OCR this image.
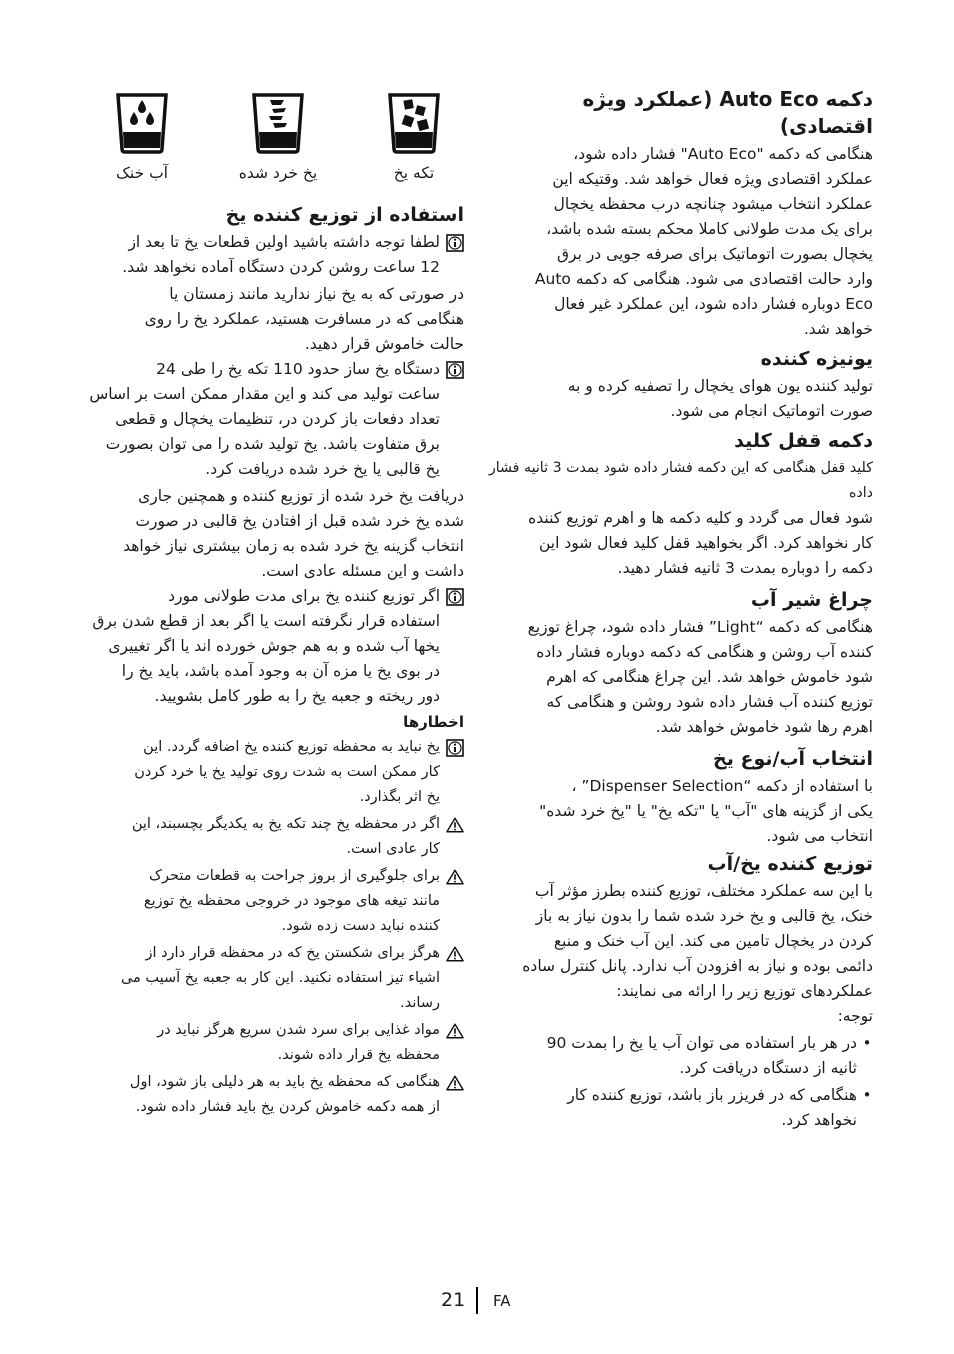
دکمه Auto Eco (عملکرد ویژه
اقتصادی)

هنگامی که دکمه "Auto Eco" فشار داده شود،

عملکرد اقتصادی ویژه فعال خواهد شد. وقتیکه این

عملکرد انتخاب میشود چنانچه درب محفظه یخچال

برای یک مدت طولانی کاملا محکم بسته شده باشد،

یخچال بصورت اتوماتیک برای صرفه جویی در برق

وارد حالت اقتصادی می شود. هنگامی که دکمه Auto

Eco دوباره فشار داده شود، این عملکرد غیر فعال

خواهد شد.

یونیزه کننده

تولید کننده یون هوای یخچال را تصفیه کرده و به

صورت اتوماتیک انجام می شود.

دکمه قفل کلید

کلید قفل هنگامی که این دکمه فشار داده شود بمدت 3 ثانیه فشار داده

شود فعال می گردد و کلیه دکمه ها و اهرم توزیع کننده

کار نخواهد کرد. اگر بخواهید قفل کلید فعال شود این

دکمه را دوباره بمدت 3 ثانیه فشار دهید.

چراغ شیر آب

هنگامی که دکمه “Light” فشار داده شود، چراغ توزیع

کننده آب روشن و هنگامی که دکمه دوباره فشار داده

شود خاموش خواهد شد. این چراغ هنگامی که اهرم

توزیع کننده آب فشار داده شود روشن و هنگامی که

اهرم رها شود خاموش خواهد شد.

انتخاب آب/نوع یخ

با استفاده از دکمه “Dispenser Selection” ،

یکی از گزینه های "آب" یا "تکه یخ" یا "یخ خرد شده"

انتخاب می شود.

توزیع کننده یخ/آب

با این سه عملکرد مختلف، توزیع کننده بطرز مؤثر آب

خنک، یخ قالبی و یخ خرد شده شما را بدون نیاز به باز

کردن در یخچال تامین می کند. این آب خنک و منبع

دائمی بوده و نیاز به افزودن آب ندارد. پانل کنترل ساده

عملکردهای توزیع زیر را ارائه می نمایند:

توجه:

•

در هر بار استفاده می توان آب یا یخ را بمدت 90

ثانیه از دستگاه دریافت کرد.

•

هنگامی که در فریزر باز باشد، توزیع کننده کار

نخواهد کرد.

تکه یخ
یخ خرد شده
آب خنک
استفاده از توزیع کننده یخ

لطفا توجه داشته باشید اولین قطعات یخ تا بعد از

12 ساعت روشن کردن دستگاه آماده نخواهد شد.

در صورتی که به یخ نیاز ندارید مانند زمستان یا

هنگامی که در مسافرت هستید، عملکرد یخ را روی

حالت خاموش قرار دهید.

دستگاه یخ ساز حدود 110 تکه یخ را طی 24

ساعت تولید می کند و این مقدار ممکن است بر اساس

تعداد دفعات باز کردن در، تنظیمات یخچال و قطعی

برق متفاوت باشد. یخ تولید شده را می توان بصورت

یخ قالبی یا یخ خرد شده دریافت کرد.

دریافت یخ خرد شده از توزیع کننده و همچنین جاری

شده یخ خرد شده قبل از افتادن یخ قالبی در صورت

انتخاب گزینه یخ خرد شده به زمان بیشتری نیاز خواهد

داشت و این مسئله عادی است.

اگر توزیع کننده یخ برای مدت طولانی مورد

استفاده قرار نگرفته است یا اگر بعد از قطع شدن برق

یخها آب شده و به هم جوش خورده اند یا اگر تغییری

در بوی یخ یا مزه آن به وجود آمده باشد، باید یخ را

دور ریخته و جعبه یخ را به طور کامل بشویید.

اخطارها

یخ نباید به محفظه توزیع کننده یخ اضافه گردد. این

کار ممکن است به شدت روی تولید یخ یا خرد کردن

یخ اثر بگذارد.

اگر در محفظه یخ چند تکه یخ به یکدیگر بچسبند، این

کار عادی است.

برای جلوگیری از بروز جراحت به قطعات متحرک

مانند تیغه های موجود در خروجی محفظه یخ توزیع

کننده نباید دست زده شود.

هرگز برای شکستن یخ که در محفظه قرار دارد از

اشیاء تیز استفاده نکنید. این کار به جعبه یخ آسیب می

رساند.

مواد غذایی برای سرد شدن سریع هرگز نباید در

محفظه یخ قرار داده شوند.

هنگامی که محفظه یخ باید به هر دلیلی باز شود، اول

از همه دکمه خاموش کردن یخ باید فشار داده شود.

21 FA
